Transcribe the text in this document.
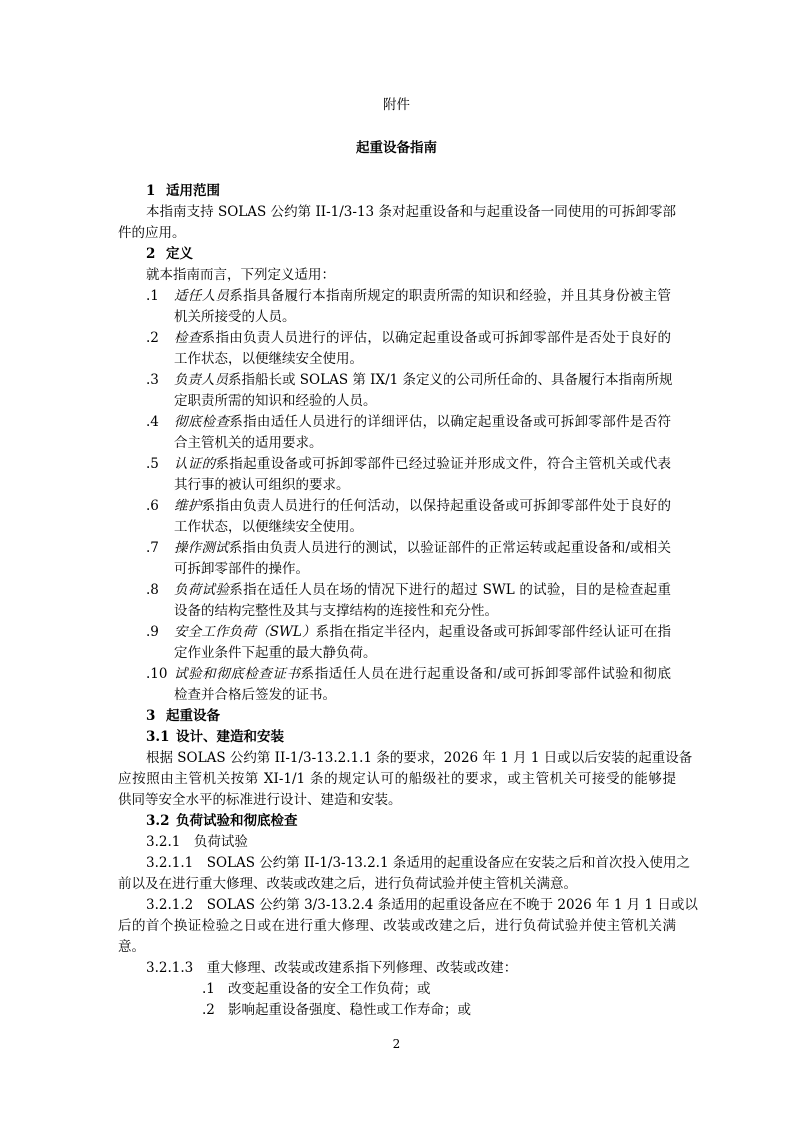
附件
起重设备指南
1 适用范围
本指南支持 SOLAS 公约第 II-1/3-13 条对起重设备和与起重设备一同使用的可拆卸零部
件的应用。
2 定义
就本指南而言，下列定义适用：
.1 适任人员系指具备履行本指南所规定的职责所需的知识和经验，并且其身份被主管
机关所接受的人员。
.2 检查系指由负责人员进行的评估，以确定起重设备或可拆卸零部件是否处于良好的
工作状态，以便继续安全使用。
.3 负责人员系指船长或 SOLAS 第 IX/1 条定义的公司所任命的、具备履行本指南所规
定职责所需的知识和经验的人员。
.4 彻底检查系指由适任人员进行的详细评估，以确定起重设备或可拆卸零部件是否符
合主管机关的适用要求。
.5 认证的系指起重设备或可拆卸零部件已经过验证并形成文件，符合主管机关或代表
其行事的被认可组织的要求。
.6 维护系指由负责人员进行的任何活动，以保持起重设备或可拆卸零部件处于良好的
工作状态，以便继续安全使用。
.7 操作测试系指由负责人员进行的测试，以验证部件的正常运转或起重设备和/或相关
可拆卸零部件的操作。
.8 负荷试验系指在适任人员在场的情况下进行的超过 SWL 的试验，目的是检查起重
设备的结构完整性及其与支撑结构的连接性和充分性。
.9 安全工作负荷（SWL）系指在指定半径内，起重设备或可拆卸零部件经认证可在指
定作业条件下起重的最大静负荷。
.10 试验和彻底检查证书系指适任人员在进行起重设备和/或可拆卸零部件试验和彻底
检查并合格后签发的证书。
3 起重设备
3.1 设计、建造和安装
根据 SOLAS 公约第 II-1/3-13.2.1.1 条的要求，2026 年 1 月 1 日或以后安装的起重设备
应按照由主管机关按第 XI-1/1 条的规定认可的船级社的要求，或主管机关可接受的能够提
供同等安全水平的标准进行设计、建造和安装。
3.2 负荷试验和彻底检查
3.2.1　负荷试验
3.2.1.1　SOLAS 公约第 II-1/3-13.2.1 条适用的起重设备应在安装之后和首次投入使用之
前以及在进行重大修理、改装或改建之后，进行负荷试验并使主管机关满意。
3.2.1.2　SOLAS 公约第 3/3-13.2.4 条适用的起重设备应在不晚于 2026 年 1 月 1 日或以
后的首个换证检验之日或在进行重大修理、改装或改建之后，进行负荷试验并使主管机关满
意。
3.2.1.3　重大修理、改装或改建系指下列修理、改装或改建：
.1 改变起重设备的安全工作负荷；或
.2 影响起重设备强度、稳性或工作寿命；或
2
